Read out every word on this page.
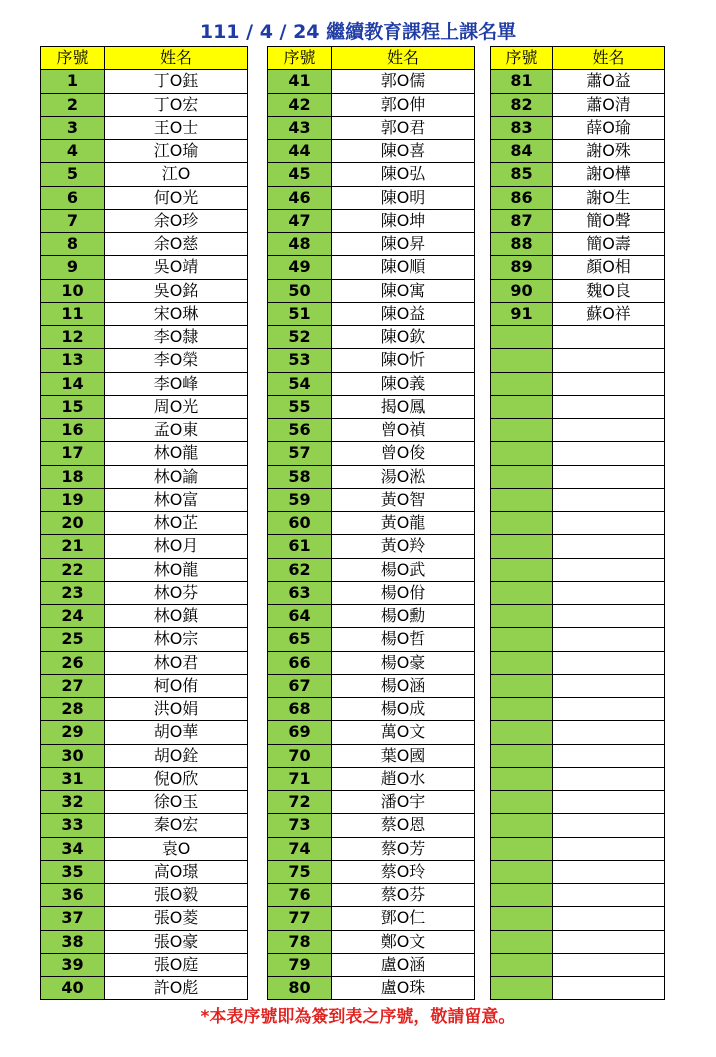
111 / 4 / 24 繼續教育課程上課名單
序號	姓名
1	丁O鈺
2	丁O宏
3	王O士
4	江O瑜
5	江O
6	何O光
7	余O珍
8	余O慈
9	吳O靖
10	吳O銘
11	宋O琳
12	李O隸
13	李O榮
14	李O峰
15	周O光
16	孟O東
17	林O龍
18	林O諭
19	林O富
20	林O芷
21	林O月
22	林O龍
23	林O芬
24	林O鎮
25	林O宗
26	林O君
27	柯O侑
28	洪O娟
29	胡O華
30	胡O銓
31	倪O欣
32	徐O玉
33	秦O宏
34	袁O
35	高O璟
36	張O毅
37	張O菱
38	張O豪
39	張O庭
40	許O彪
序號	姓名
41	郭O儒
42	郭O伸
43	郭O君
44	陳O喜
45	陳O弘
46	陳O明
47	陳O坤
48	陳O昇
49	陳O順
50	陳O寓
51	陳O益
52	陳O欽
53	陳O忻
54	陳O義
55	揭O鳳
56	曾O禎
57	曾O俊
58	湯O淞
59	黃O智
60	黃O龍
61	黃O羚
62	楊O武
63	楊O佾
64	楊O勳
65	楊O哲
66	楊O豪
67	楊O涵
68	楊O成
69	萬O文
70	葉O國
71	趙O水
72	潘O宇
73	蔡O恩
74	蔡O芳
75	蔡O玲
76	蔡O芬
77	鄧O仁
78	鄭O文
79	盧O涵
80	盧O珠
序號	姓名
81	蕭O益
82	蕭O清
83	薛O瑜
84	謝O殊
85	謝O樺
86	謝O生
87	簡O聲
88	簡O壽
89	顏O相
90	魏O良
91	蘇O祥

*本表序號即為簽到表之序號，敬請留意。
